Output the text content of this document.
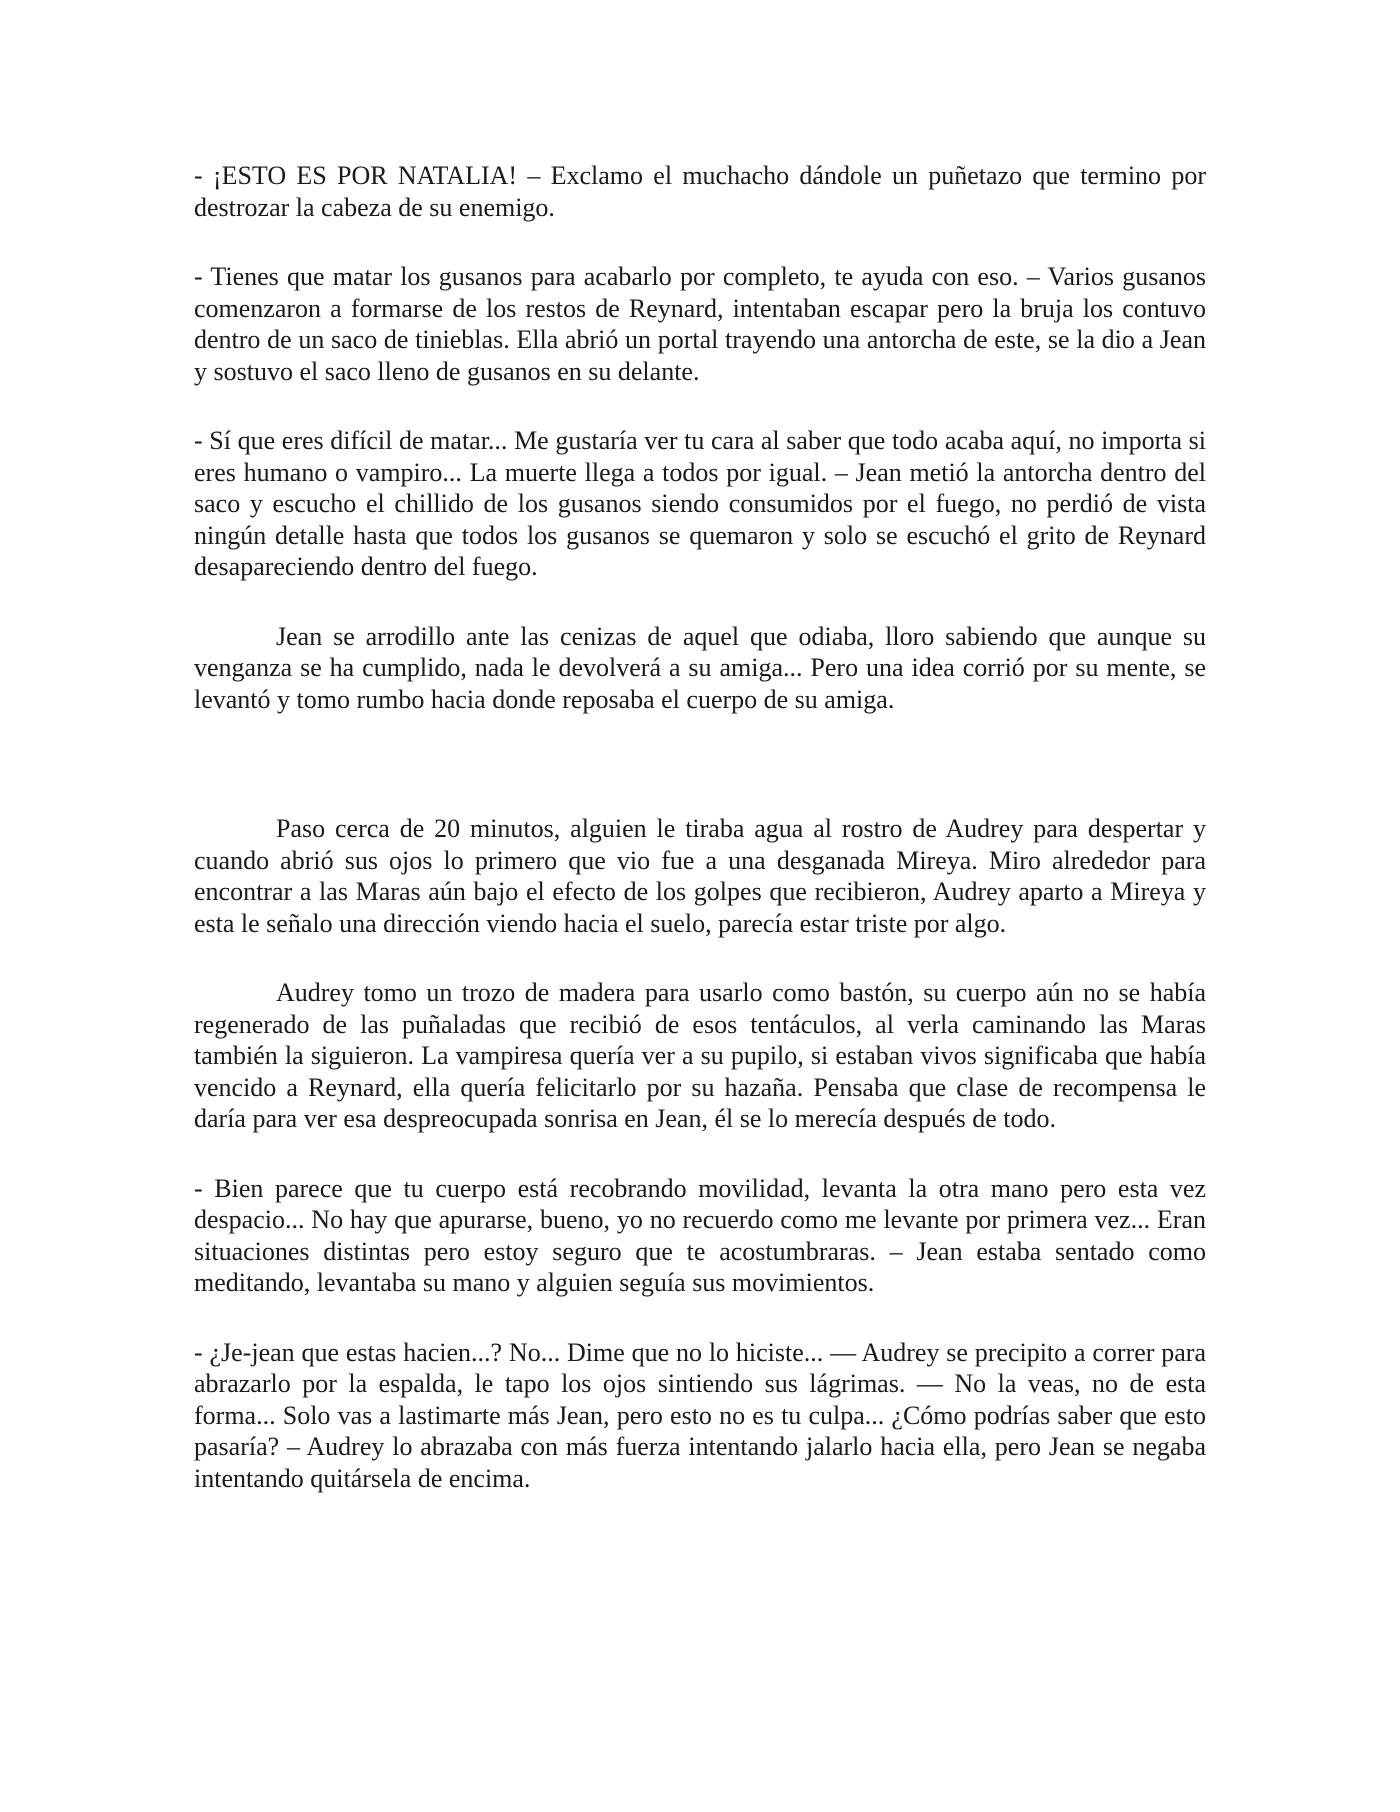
- ¡ESTO ES POR NATALIA! – Exclamo el muchacho dándole un puñetazo que termino por destrozar la cabeza de su enemigo.

- Tienes que matar los gusanos para acabarlo por completo, te ayuda con eso. – Varios gusanos comenzaron a formarse de los restos de Reynard, intentaban escapar pero la bruja los contuvo dentro de un saco de tinieblas. Ella abrió un portal trayendo una antorcha de este, se la dio a Jean y sostuvo el saco lleno de gusanos en su delante.

- Sí que eres difícil de matar... Me gustaría ver tu cara al saber que todo acaba aquí, no importa si eres humano o vampiro... La muerte llega a todos por igual. – Jean metió la antorcha dentro del saco y escucho el chillido de los gusanos siendo consumidos por el fuego, no perdió de vista ningún detalle hasta que todos los gusanos se quemaron y solo se escuchó el grito de Reynard desapareciendo dentro del fuego.

Jean se arrodillo ante las cenizas de aquel que odiaba, lloro sabiendo que aunque su venganza se ha cumplido, nada le devolverá a su amiga... Pero una idea corrió por su mente, se levantó y tomo rumbo hacia donde reposaba el cuerpo de su amiga.

Paso cerca de 20 minutos, alguien le tiraba agua al rostro de Audrey para despertar y cuando abrió sus ojos lo primero que vio fue a una desganada Mireya. Miro alrededor para encontrar a las Maras aún bajo el efecto de los golpes que recibieron, Audrey aparto a Mireya y esta le señalo una dirección viendo hacia el suelo, parecía estar triste por algo.

Audrey tomo un trozo de madera para usarlo como bastón, su cuerpo aún no se había regenerado de las puñaladas que recibió de esos tentáculos, al verla caminando las Maras también la siguieron. La vampiresa quería ver a su pupilo, si estaban vivos significaba que había vencido a Reynard, ella quería felicitarlo por su hazaña. Pensaba que clase de recompensa le daría para ver esa despreocupada sonrisa en Jean, él se lo merecía después de todo.

- Bien parece que tu cuerpo está recobrando movilidad, levanta la otra mano pero esta vez despacio... No hay que apurarse, bueno, yo no recuerdo como me levante por primera vez... Eran situaciones distintas pero estoy seguro que te acostumbraras. – Jean estaba sentado como meditando, levantaba su mano y alguien seguía sus movimientos.

- ¿Je-jean que estas hacien...? No... Dime que no lo hiciste... — Audrey se precipito a correr para abrazarlo por la espalda, le tapo los ojos sintiendo sus lágrimas. — No la veas, no de esta forma... Solo vas a lastimarte más Jean, pero esto no es tu culpa... ¿Cómo podrías saber que esto pasaría? – Audrey lo abrazaba con más fuerza intentando jalarlo hacia ella, pero Jean se negaba intentando quitársela de encima.
